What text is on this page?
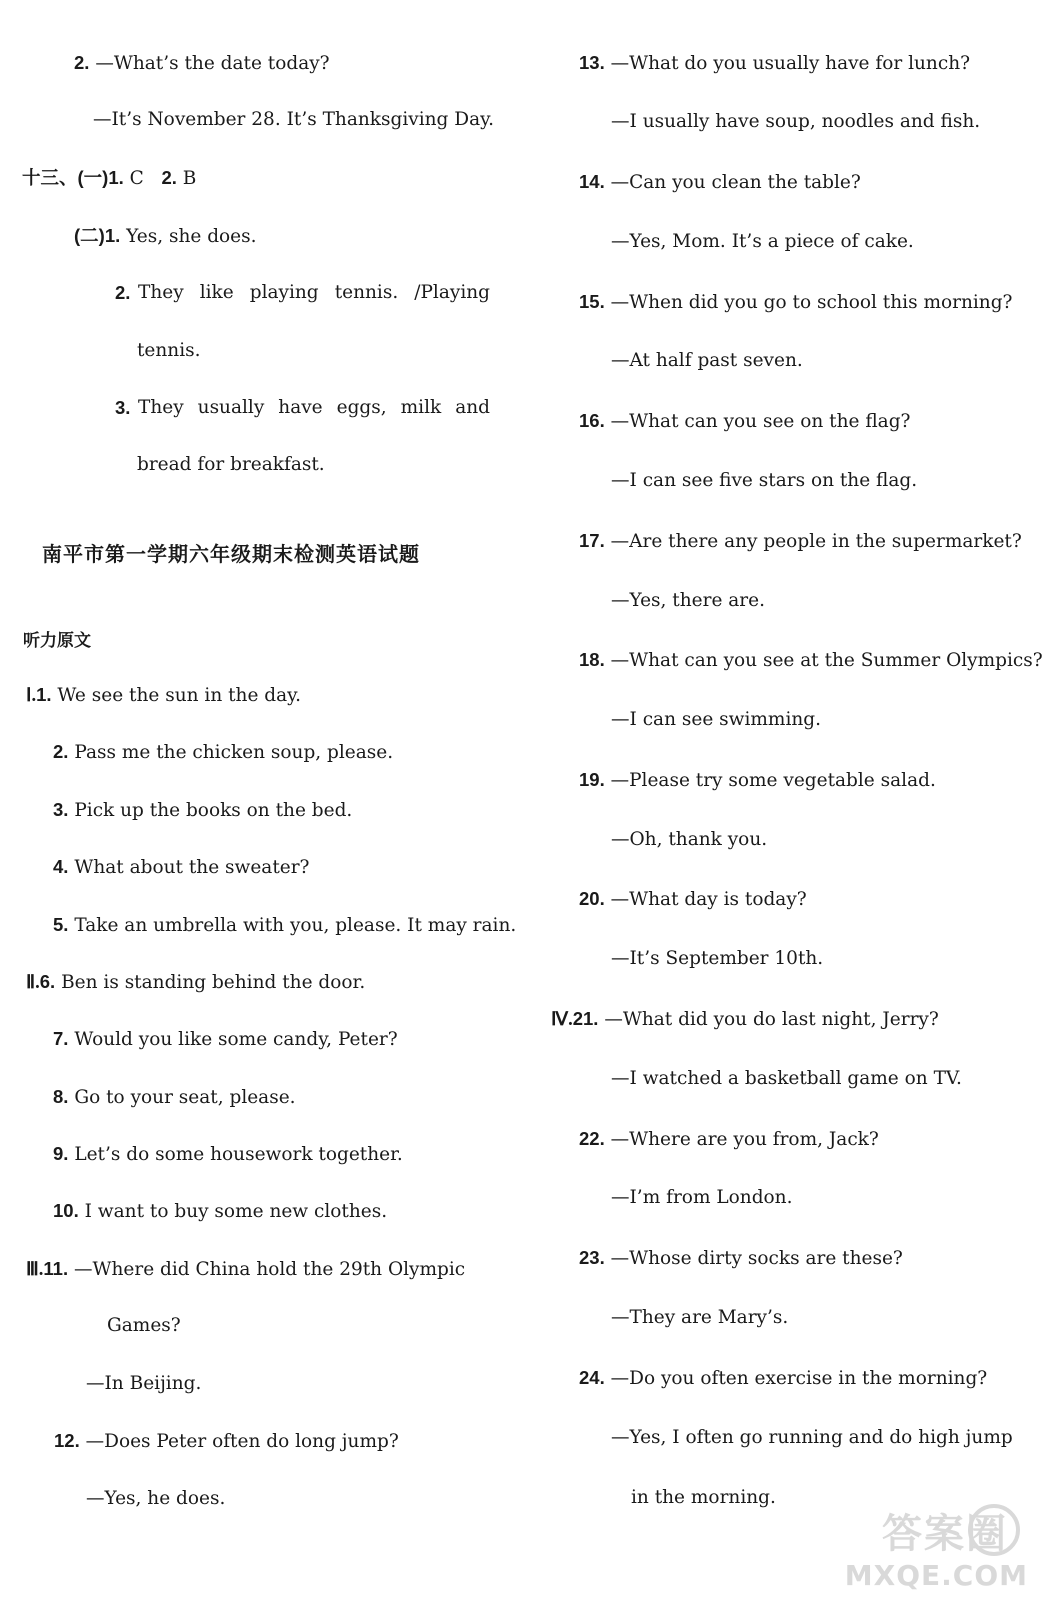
2. —What’s the date today?
—It’s November 28. It’s Thanksgiving Day.
十三、(一)1. C 2. B
(二)1. Yes, she does.
2. They like playing tennis. /Playing
tennis.
3. They usually have eggs, milk and
bread for breakfast.
南平市第一学期六年级期末检测英语试题
听力原文
Ⅰ.1. We see the sun in the day.
2. Pass me the chicken soup, please.
3. Pick up the books on the bed.
4. What about the sweater?
5. Take an umbrella with you, please. It may rain.
Ⅱ.6. Ben is standing behind the door.
7. Would you like some candy, Peter?
8. Go to your seat, please.
9. Let’s do some housework together.
10. I want to buy some new clothes.
Ⅲ.11. —Where did China hold the 29th Olympic
Games?
—In Beijing.
12. —Does Peter often do long jump?
—Yes, he does.
13. —What do you usually have for lunch?
—I usually have soup, noodles and fish.
14. —Can you clean the table?
—Yes, Mom. It’s a piece of cake.
15. —When did you go to school this morning?
—At half past seven.
16. —What can you see on the flag?
—I can see five stars on the flag.
17. —Are there any people in the supermarket?
—Yes, there are.
18. —What can you see at the Summer Olympics?
—I can see swimming.
19. —Please try some vegetable salad.
—Oh, thank you.
20. —What day is today?
—It’s September 10th.
Ⅳ.21. —What did you do last night, Jerry?
—I watched a basketball game on TV.
22. —Where are you from, Jack?
—I’m from London.
23. —Whose dirty socks are these?
—They are Mary’s.
24. —Do you often exercise in the morning?
—Yes, I often go running and do high jump
in the morning.
答案圈
MXQE.COM
